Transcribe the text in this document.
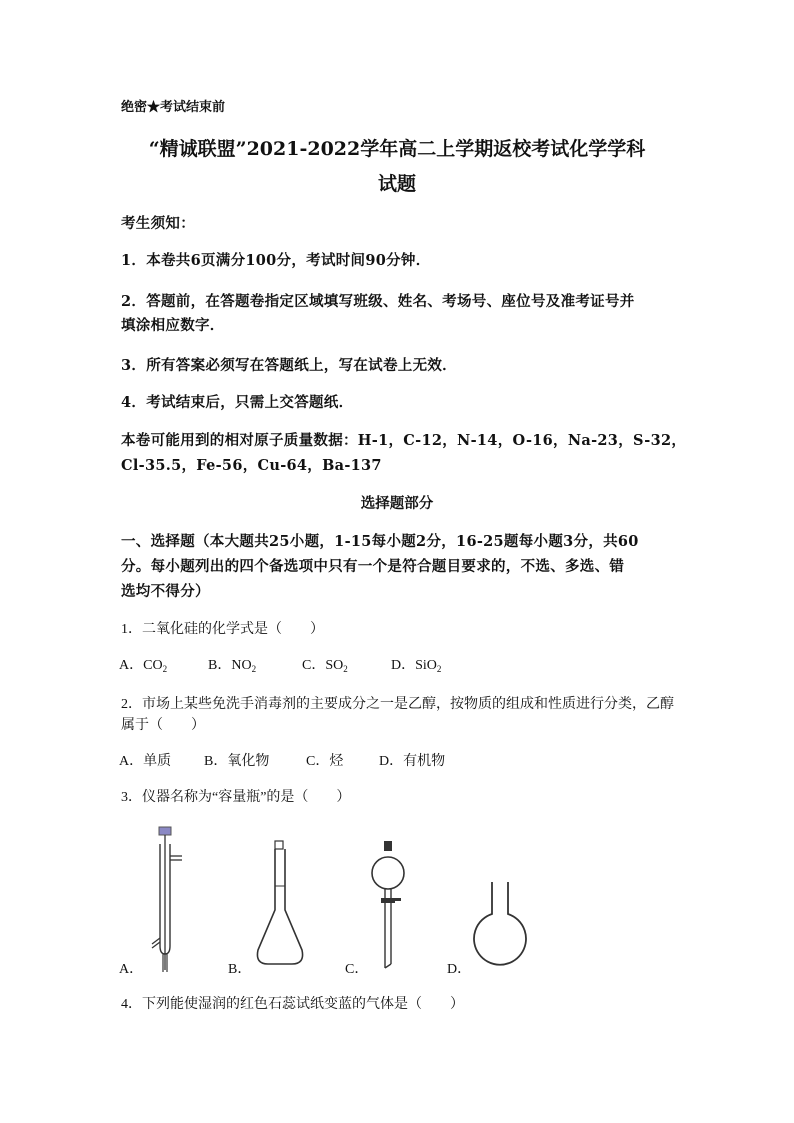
绝密★考试结束前

“精诚联盟”2021-2022学年高二上学期返校考试化学学科

试题

考生须知：

1．本卷共6页满分100分，考试时间90分钟．

2．答题前，在答题卷指定区域填写班级、姓名、考场号、座位号及准考证号并

填涂相应数字．

3．所有答案必须写在答题纸上，写在试卷上无效．

4．考试结束后，只需上交答题纸．

本卷可能用到的相对原子质量数据：H-1，C-12，N-14，O-16，Na-23，S-32，

Cl-35.5，Fe-56，Cu-64，Ba-137

选择题部分

一、选择题（本大题共25小题，1-15每小题2分，16-25题每小题3分，共60

分。每小题列出的四个备选项中只有一个是符合题目要求的，不选、多选、错

选均不得分）

1．二氧化硅的化学式是（　　）

A．$CO_2$	B．$NO_2$	C．$SO_2$	D．SiO$_2$

2．市场上某些免洗手消毒剂的主要成分之一是乙醇，按物质的组成和性质进行分类，乙醇

属于（　　）

A．单质 B．氧化物	C．烃	D．有机物

3．仪器名称为“容量瓶”的是（　　）

A．	B．	C．	D．

4．下列能使湿润的红色石蕊试纸变蓝的气体是（　　）
